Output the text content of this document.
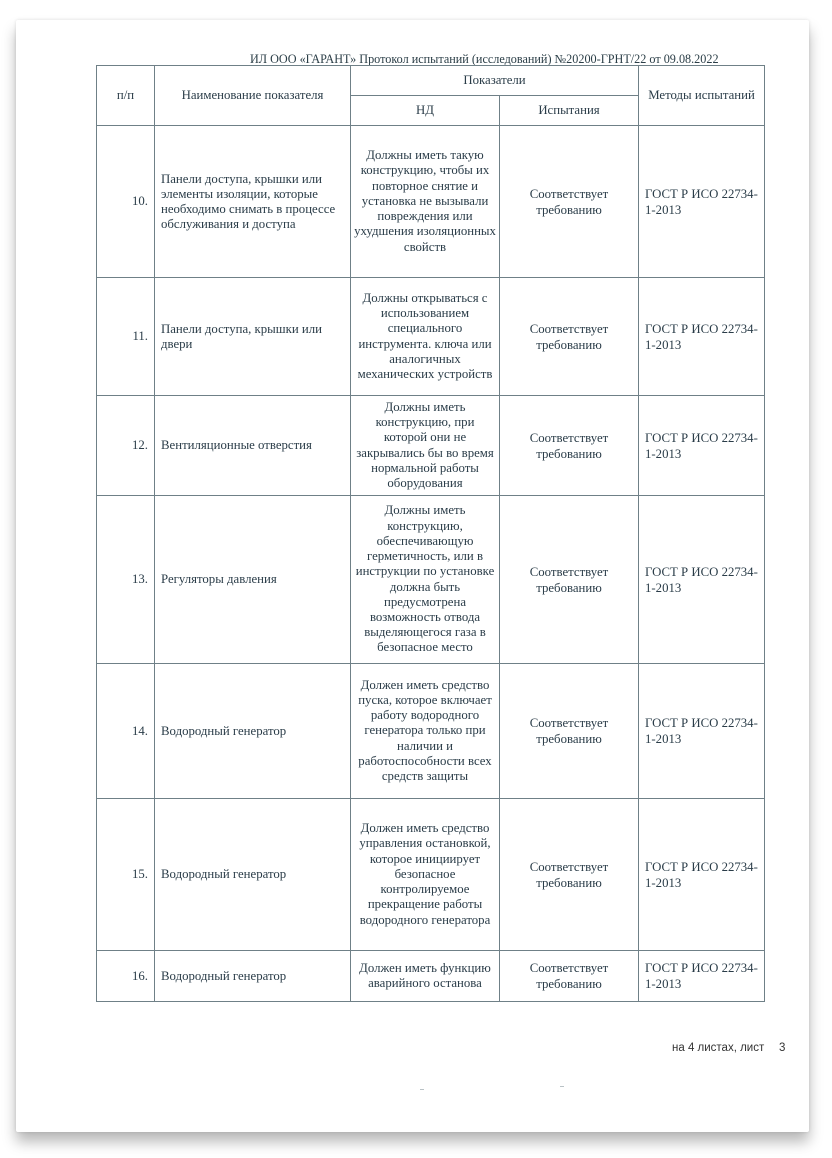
ИЛ ООО «ГАРАНТ» Протокол испытаний (исследований) №20200-ГРНТ/22 от 09.08.2022
п/п	Наименование показателя	Показатели		Методы испытаний
		НД	Испытания	
10.	Панели доступа, крышки или элементы изоляции, которые необходимо снимать в процессе обслуживания и доступа	Должны иметь такую конструкцию, чтобы их повторное снятие и установка не вызывали повреждения или ухудшения изоляционных свойств	Соответствует требованию	ГОСТ Р ИСО 22734-1-2013
11.	Панели доступа, крышки или двери	Должны открываться с использованием специального инструмента. ключа или аналогичных механических устройств	Соответствует требованию	ГОСТ Р ИСО 22734-1-2013
12.	Вентиляционные отверстия	Должны иметь конструкцию, при которой они не закрывались бы во время нормальной работы оборудования	Соответствует требованию	ГОСТ Р ИСО 22734-1-2013
13.	Регуляторы давления	Должны иметь конструкцию, обеспечивающую герметичность, или в инструкции по установке должна быть предусмотрена возможность отвода выделяющегося газа в безопасное место	Соответствует требованию	ГОСТ Р ИСО 22734-1-2013
14.	Водородный генератор	Должен иметь средство пуска, которое включает работу водородного генератора только при наличии и работоспособности всех средств защиты	Соответствует требованию	ГОСТ Р ИСО 22734-1-2013
15.	Водородный генератор	Должен иметь средство управления остановкой, которое инициирует безопасное контролируемое прекращение работы водородного генератора	Соответствует требованию	ГОСТ Р ИСО 22734-1-2013
16.	Водородный генератор	Должен иметь функцию аварийного останова	Соответствует требованию	ГОСТ Р ИСО 22734-1-2013
на 4 листах, лист 3
